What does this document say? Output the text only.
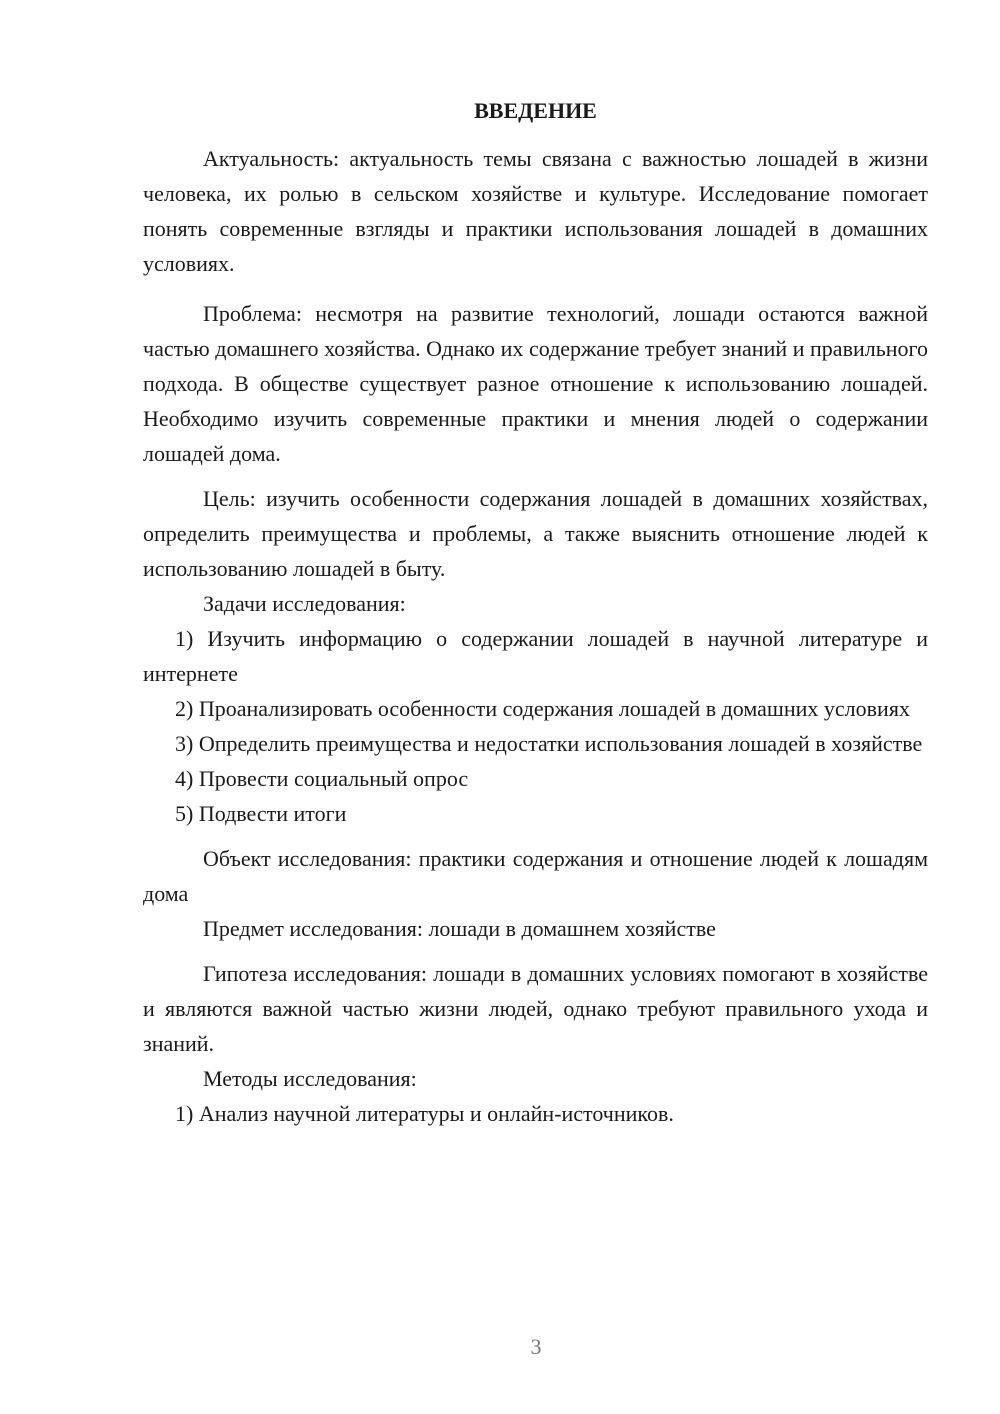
ВВЕДЕНИЕ

Актуальность: актуальность темы связана с важностью лошадей в жизни человека, их ролью в сельском хозяйстве и культуре. Исследование помогает понять современные взгляды и практики использования лошадей в домашних условиях.

Проблема: несмотря на развитие технологий, лошади остаются важной частью домашнего хозяйства. Однако их содержание требует знаний и правильного подхода. В обществе существует разное отношение к использованию лошадей. Необходимо изучить современные практики и мнения людей о содержании лошадей дома.

Цель: изучить особенности содержания лошадей в домашних хозяйствах, определить преимущества и проблемы, а также выяснить отношение людей к использованию лошадей в быту.

Задачи исследования:

1) Изучить информацию о содержании лошадей в научной литературе и интернете

2) Проанализировать особенности содержания лошадей в домашних условиях

3) Определить преимущества и недостатки использования лошадей в хозяйстве

4) Провести социальный опрос

5) Подвести итоги

Объект исследования: практики содержания и отношение людей к лошадям дома

Предмет исследования: лошади в домашнем хозяйстве

Гипотеза исследования: лошади в домашних условиях помогают в хозяйстве и являются важной частью жизни людей, однако требуют правильного ухода и знаний.

Методы исследования:

1) Анализ научной литературы и онлайн-источников.

3
